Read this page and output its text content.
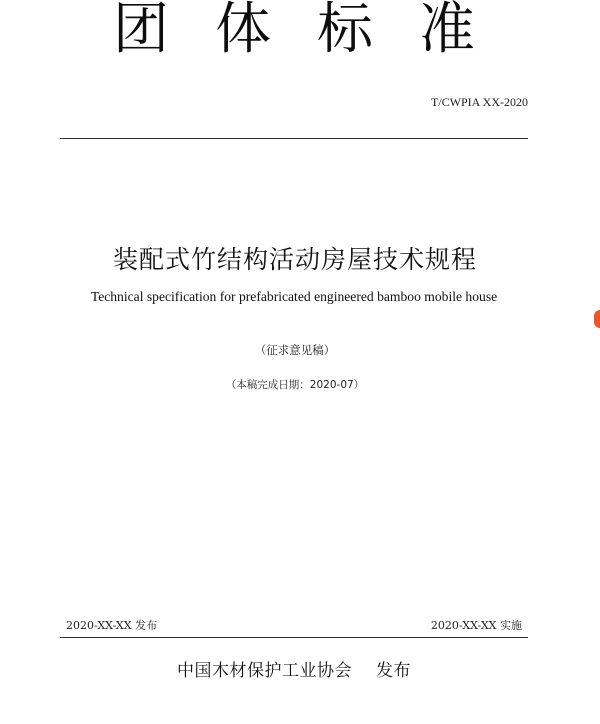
团体标准
T/CWPIA XX-2020
装配式竹结构活动房屋技术规程
Technical specification for prefabricated engineered bamboo mobile house
（征求意见稿）
（本稿完成日期：2020-07）
2020-XX-XX 发布	2020-XX-XX 实施
中国木材保护工业协会 发布
